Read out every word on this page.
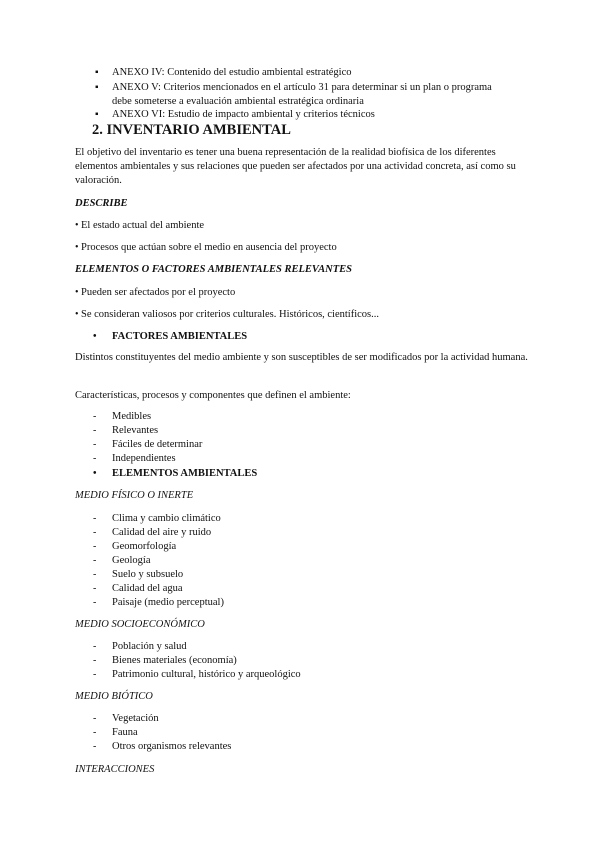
▪ ANEXO IV: Contenido del estudio ambiental estratégico
▪ ANEXO V: Criterios mencionados en el artículo 31 para determinar si un plan o programa
debe someterse a evaluación ambiental estratégica ordinaria
▪ ANEXO VI: Estudio de impacto ambiental y criterios técnicos
2. INVENTARIO AMBIENTAL
El objetivo del inventario es tener una buena representación de la realidad biofísica de los diferentes elementos ambientales y sus relaciones que pueden ser afectados por una actividad concreta, así como su valoración.
DESCRIBE
• El estado actual del ambiente
• Procesos que actúan sobre el medio en ausencia del proyecto
ELEMENTOS O FACTORES AMBIENTALES RELEVANTES
• Pueden ser afectados por el proyecto
• Se consideran valiosos por criterios culturales. Históricos, científicos...
• FACTORES AMBIENTALES
Distintos constituyentes del medio ambiente y son susceptibles de ser modificados por la actividad humana.
Características, procesos y componentes que definen el ambiente:
- Medibles
- Relevantes
- Fáciles de determinar
- Independientes
• ELEMENTOS AMBIENTALES
MEDIO FÍSICO O INERTE
- Clima y cambio climático
- Calidad del aire y ruido
- Geomorfología
- Geología
- Suelo y subsuelo
- Calidad del agua
- Paisaje (medio perceptual)
MEDIO SOCIOECONÓMICO
- Población y salud
- Bienes materiales (economía)
- Patrimonio cultural, histórico y arqueológico
MEDIO BIÓTICO
- Vegetación
- Fauna
- Otros organismos relevantes
INTERACCIONES
